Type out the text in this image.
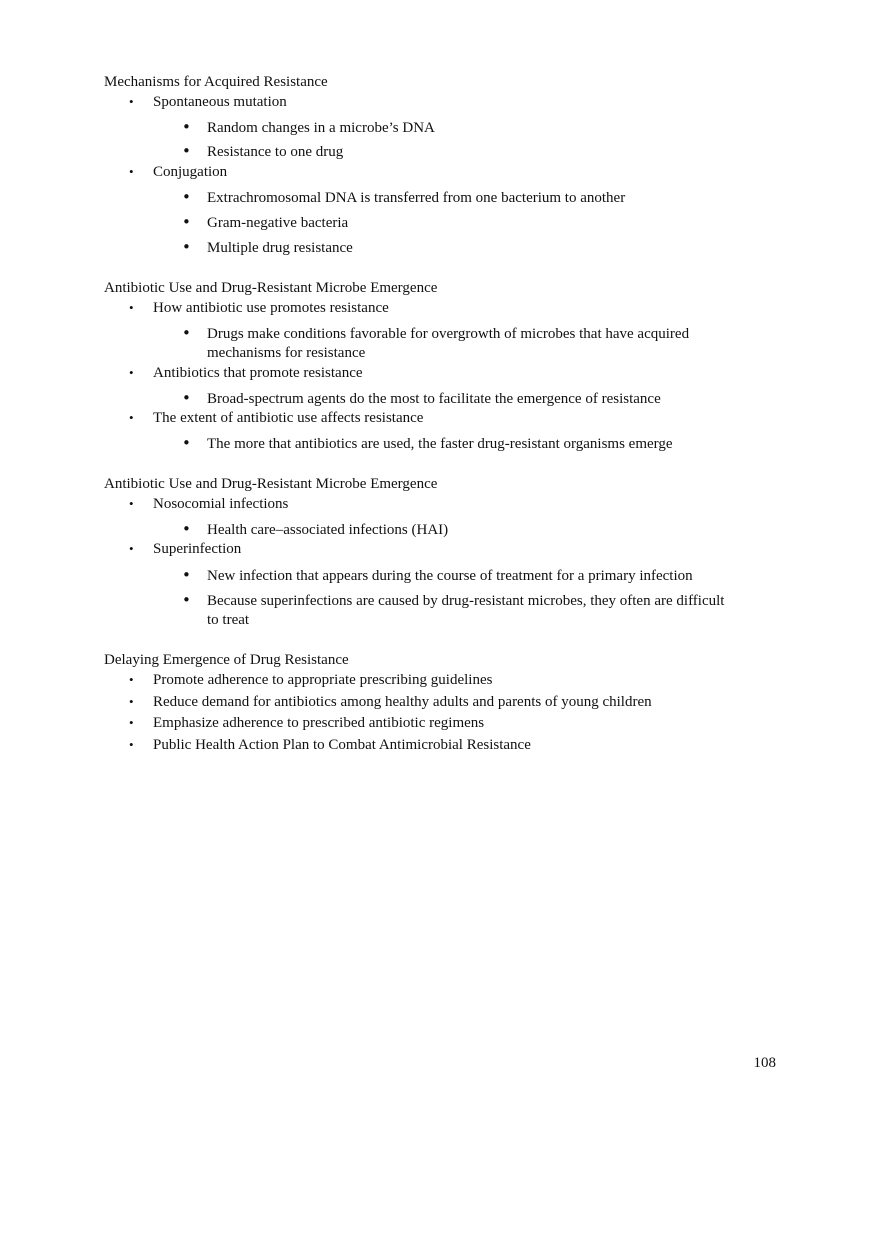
Mechanisms for Acquired Resistance
• Spontaneous mutation
• Random changes in a microbe’s DNA
• Resistance to one drug
• Conjugation
• Extrachromosomal DNA is transferred from one bacterium to another
• Gram-negative bacteria
• Multiple drug resistance
Antibiotic Use and Drug-Resistant Microbe Emergence
• How antibiotic use promotes resistance
• Drugs make conditions favorable for overgrowth of microbes that have acquired mechanisms for resistance
• Antibiotics that promote resistance
• Broad-spectrum agents do the most to facilitate the emergence of resistance
• The extent of antibiotic use affects resistance
• The more that antibiotics are used, the faster drug-resistant organisms emerge
Antibiotic Use and Drug-Resistant Microbe Emergence
• Nosocomial infections
• Health care–associated infections (HAI)
• Superinfection
• New infection that appears during the course of treatment for a primary infection
• Because superinfections are caused by drug-resistant microbes, they often are difficult to treat
Delaying Emergence of Drug Resistance
• Promote adherence to appropriate prescribing guidelines
• Reduce demand for antibiotics among healthy adults and parents of young children
• Emphasize adherence to prescribed antibiotic regimens
• Public Health Action Plan to Combat Antimicrobial Resistance
108
